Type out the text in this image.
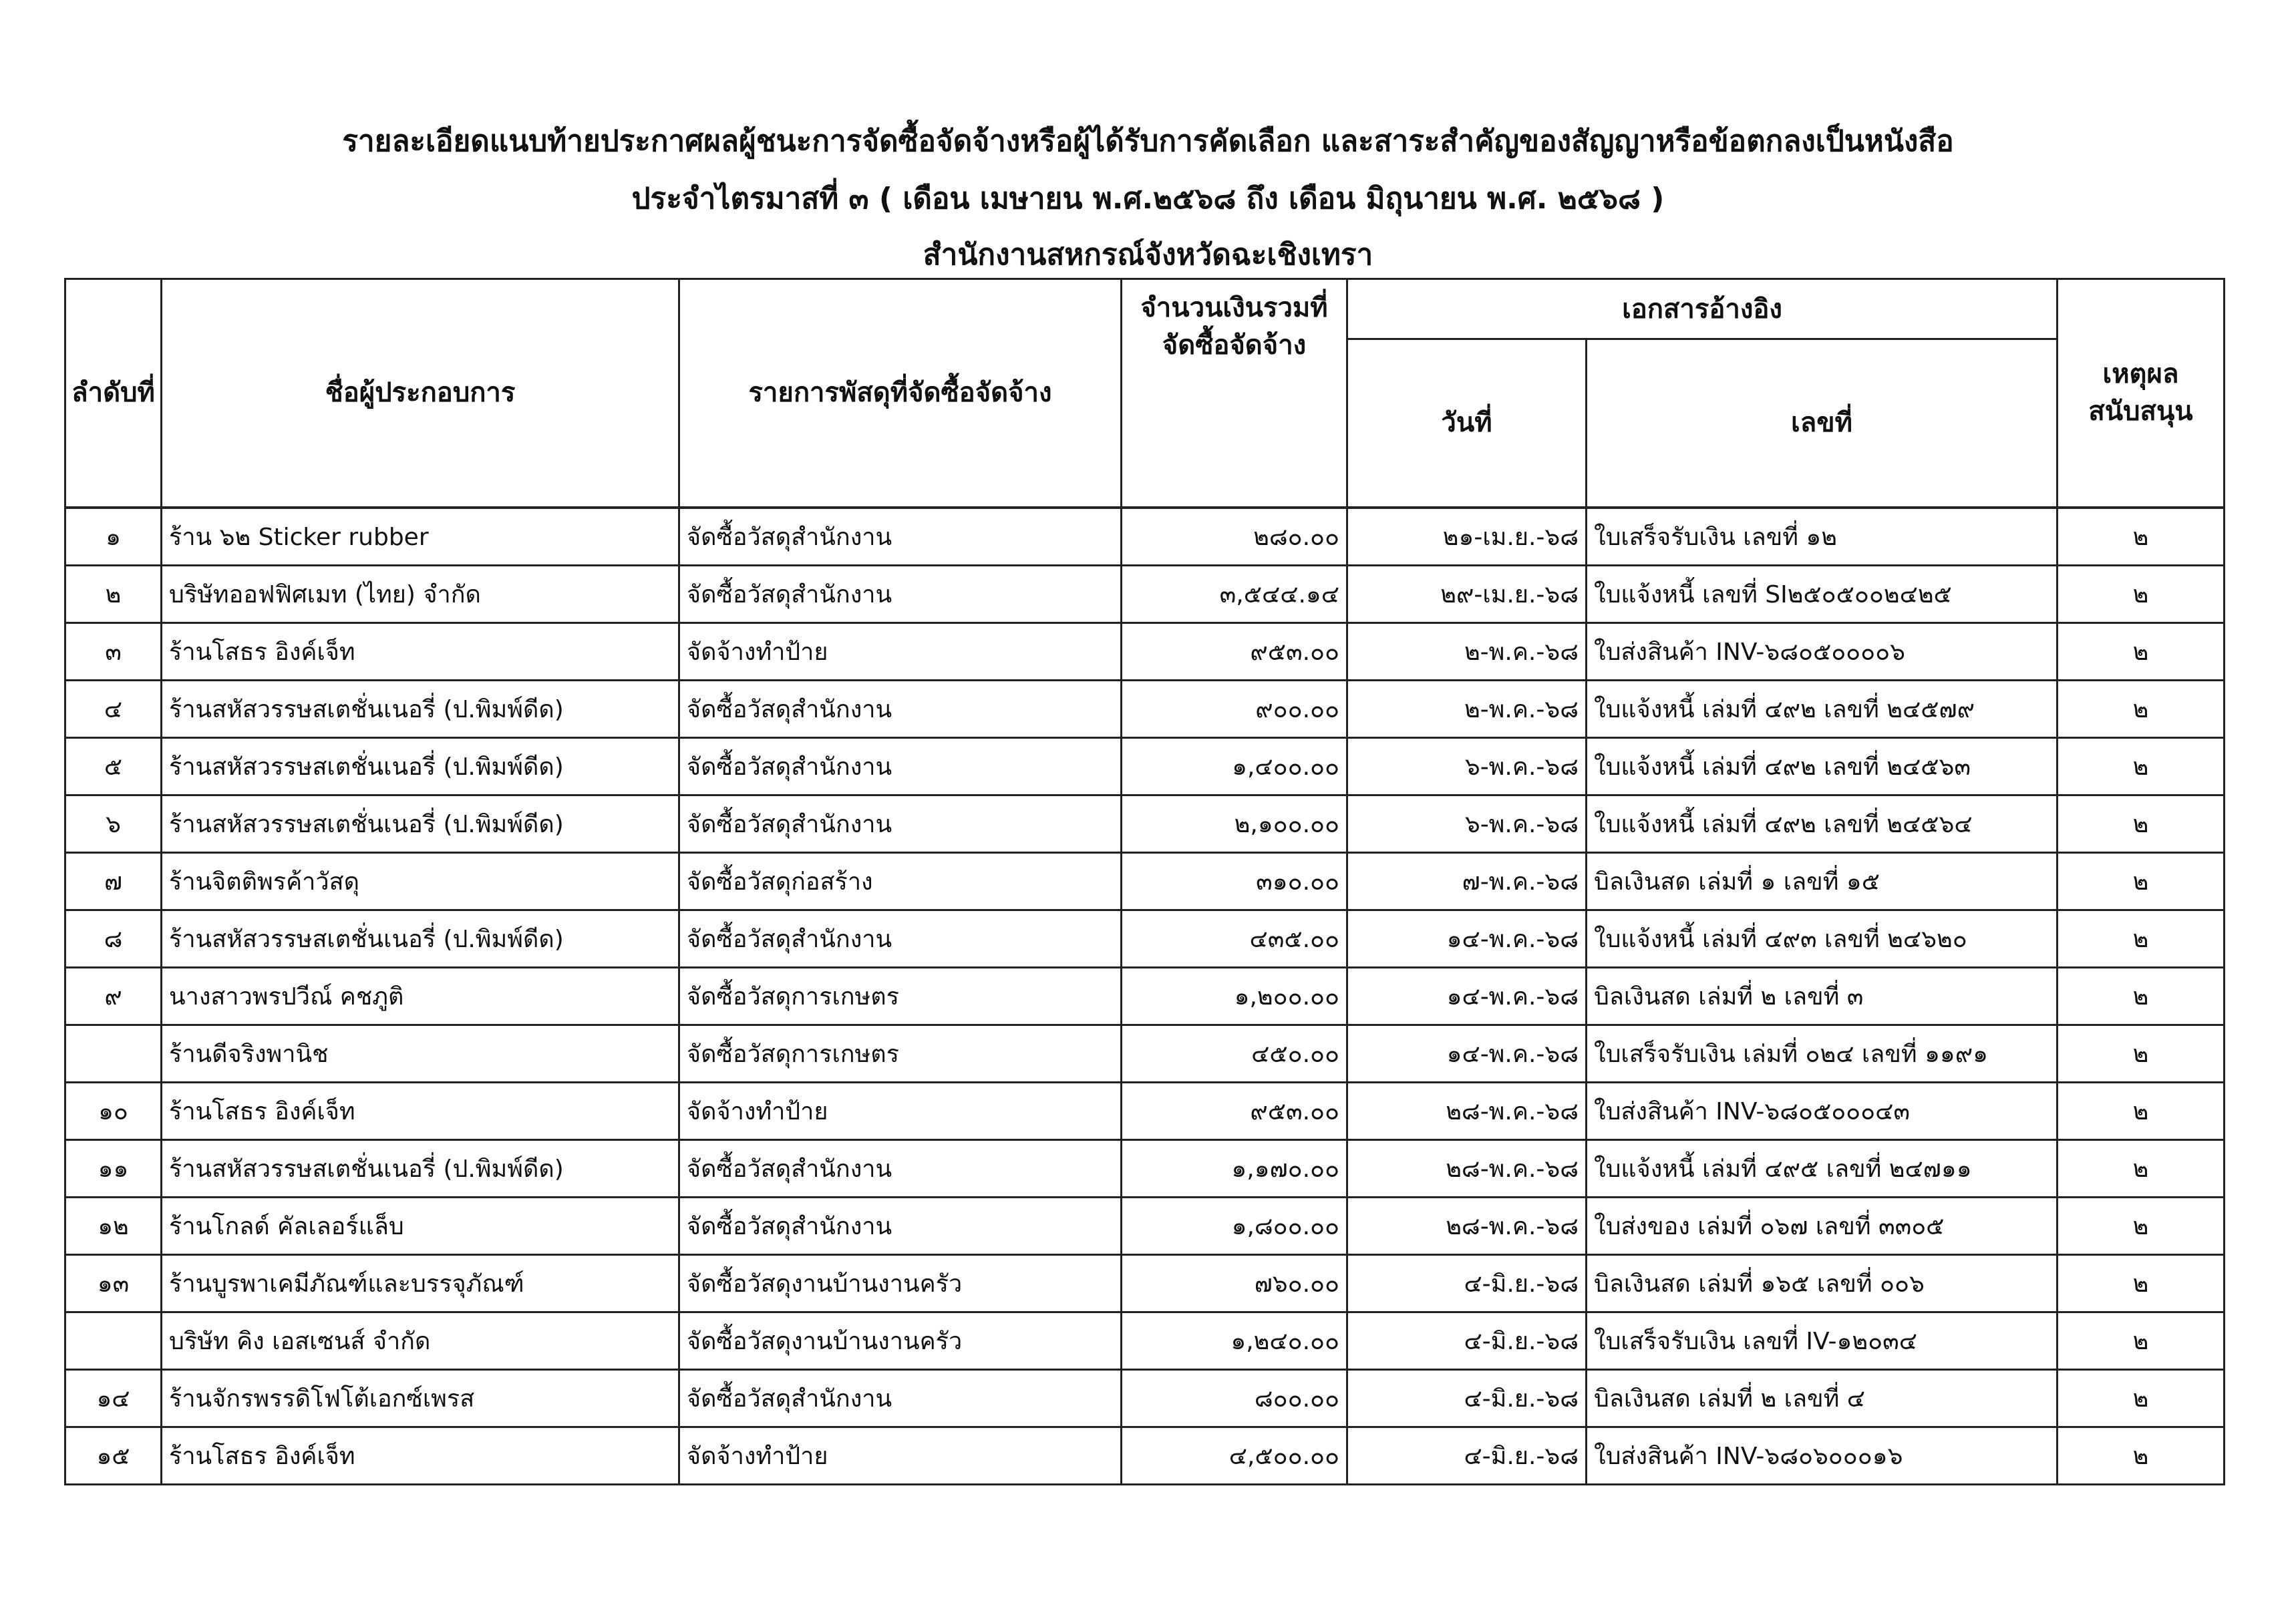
รายละเอียดแนบท้ายประกาศผลผู้ชนะการจัดซื้อจัดจ้างหรือผู้ได้รับการคัดเลือก และสาระสำคัญของสัญญาหรือข้อตกลงเป็นหนังสือ
ประจำไตรมาสที่ ๓ ( เดือน เมษายน พ.ศ.๒๕๖๘ ถึง เดือน มิถุนายน พ.ศ. ๒๕๖๘ )
สำนักงานสหกรณ์จังหวัดฉะเชิงเทรา
ลำดับที่	ชื่อผู้ประกอบการ	รายการพัสดุที่จัดซื้อจัดจ้าง	จำนวนเงินรวมที่จัดซื้อจัดจ้าง	เอกสารอ้างอิง		เหตุผลสนับสนุน
				วันที่	เลขที่	
๑	ร้าน ๖๒ Sticker rubber	จัดซื้อวัสดุสำนักงาน	๒๘๐.๐๐	๒๑-เม.ย.-๖๘	ใบเสร็จรับเงิน เลขที่ ๑๒	๒
๒	บริษัทออฟฟิศเมท (ไทย) จำกัด	จัดซื้อวัสดุสำนักงาน	๓,๕๔๔.๑๔	๒๙-เม.ย.-๖๘	ใบแจ้งหนี้ เลขที่ SI๒๕๐๕๐๐๒๔๒๕	๒
๓	ร้านโสธร อิงค์เจ็ท	จัดจ้างทำป้าย	๙๕๓.๐๐	๒-พ.ค.-๖๘	ใบส่งสินค้า INV-๖๘๐๕๐๐๐๐๖	๒
๔	ร้านสหัสวรรษสเตชั่นเนอรี่ (ป.พิมพ์ดีด)	จัดซื้อวัสดุสำนักงาน	๙๐๐.๐๐	๒-พ.ค.-๖๘	ใบแจ้งหนี้ เล่มที่ ๔๙๒ เลขที่ ๒๔๕๗๙	๒
๕	ร้านสหัสวรรษสเตชั่นเนอรี่ (ป.พิมพ์ดีด)	จัดซื้อวัสดุสำนักงาน	๑,๔๐๐.๐๐	๖-พ.ค.-๖๘	ใบแจ้งหนี้ เล่มที่ ๔๙๒ เลขที่ ๒๔๕๖๓	๒
๖	ร้านสหัสวรรษสเตชั่นเนอรี่ (ป.พิมพ์ดีด)	จัดซื้อวัสดุสำนักงาน	๒,๑๐๐.๐๐	๖-พ.ค.-๖๘	ใบแจ้งหนี้ เล่มที่ ๔๙๒ เลขที่ ๒๔๕๖๔	๒
๗	ร้านจิตติพรค้าวัสดุ	จัดซื้อวัสดุก่อสร้าง	๓๑๐.๐๐	๗-พ.ค.-๖๘	บิลเงินสด เล่มที่ ๑ เลขที่ ๑๕	๒
๘	ร้านสหัสวรรษสเตชั่นเนอรี่ (ป.พิมพ์ดีด)	จัดซื้อวัสดุสำนักงาน	๔๓๕.๐๐	๑๔-พ.ค.-๖๘	ใบแจ้งหนี้ เล่มที่ ๔๙๓ เลขที่ ๒๔๖๒๐	๒
๙	นางสาวพรปวีณ์ คชภูติ	จัดซื้อวัสดุการเกษตร	๑,๒๐๐.๐๐	๑๔-พ.ค.-๖๘	บิลเงินสด เล่มที่ ๒ เลขที่ ๓	๒
	ร้านดีจริงพานิช	จัดซื้อวัสดุการเกษตร	๔๕๐.๐๐	๑๔-พ.ค.-๖๘	ใบเสร็จรับเงิน เล่มที่ ๐๒๔ เลขที่ ๑๑๙๑	๒
๑๐	ร้านโสธร อิงค์เจ็ท	จัดจ้างทำป้าย	๙๕๓.๐๐	๒๘-พ.ค.-๖๘	ใบส่งสินค้า INV-๖๘๐๕๐๐๐๔๓	๒
๑๑	ร้านสหัสวรรษสเตชั่นเนอรี่ (ป.พิมพ์ดีด)	จัดซื้อวัสดุสำนักงาน	๑,๑๗๐.๐๐	๒๘-พ.ค.-๖๘	ใบแจ้งหนี้ เล่มที่ ๔๙๕ เลขที่ ๒๔๗๑๑	๒
๑๒	ร้านโกลด์ คัลเลอร์แล็บ	จัดซื้อวัสดุสำนักงาน	๑,๘๐๐.๐๐	๒๘-พ.ค.-๖๘	ใบส่งของ เล่มที่ ๐๖๗ เลขที่ ๓๓๐๕	๒
๑๓	ร้านบูรพาเคมีภัณฑ์และบรรจุภัณฑ์	จัดซื้อวัสดุงานบ้านงานครัว	๗๖๐.๐๐	๔-มิ.ย.-๖๘	บิลเงินสด เล่มที่ ๑๖๕ เลขที่ ๐๐๖	๒
	บริษัท คิง เอสเซนส์ จำกัด	จัดซื้อวัสดุงานบ้านงานครัว	๑,๒๔๐.๐๐	๔-มิ.ย.-๖๘	ใบเสร็จรับเงิน เลขที่ IV-๑๒๐๓๔	๒
๑๔	ร้านจักรพรรดิโฟโต้เอกซ์เพรส	จัดซื้อวัสดุสำนักงาน	๘๐๐.๐๐	๔-มิ.ย.-๖๘	บิลเงินสด เล่มที่ ๒ เลขที่ ๔	๒
๑๕	ร้านโสธร อิงค์เจ็ท	จัดจ้างทำป้าย	๔,๕๐๐.๐๐	๔-มิ.ย.-๖๘	ใบส่งสินค้า INV-๖๘๐๖๐๐๐๑๖	๒
